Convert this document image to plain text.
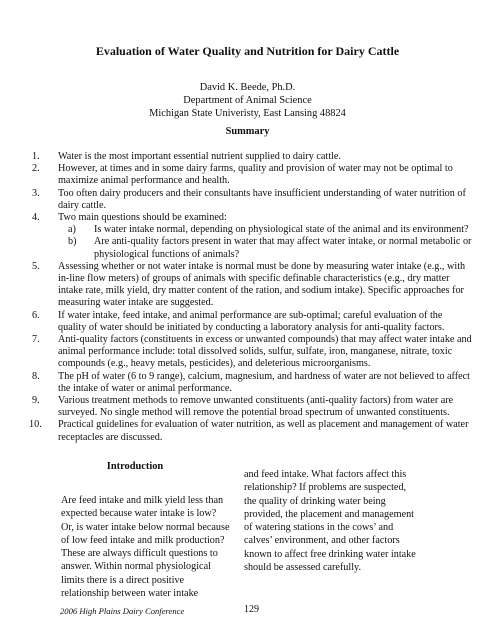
Evaluation of Water Quality and Nutrition for Dairy Cattle
David K. Beede, Ph.D.
Department of Animal Science
Michigan State Univeristy, East Lansing 48824
Summary
1. Water is the most important essential nutrient supplied to dairy cattle.
2. However, at times and in some dairy farms, quality and provision of water may not be optimal to maximize animal performance and health.
3. Too often dairy producers and their consultants have insufficient understanding of water nutrition of dairy cattle.
4. Two main questions should be examined:
a) Is water intake normal, depending on physiological state of the animal and its environment?
b) Are anti-quality factors present in water that may affect water intake, or normal metabolic or physiological functions of animals?
5. Assessing whether or not water intake is normal must be done by measuring water intake (e.g., with in-line flow meters) of groups of animals with specific definable characteristics (e.g., dry matter intake rate, milk yield, dry matter content of the ration, and sodium intake). Specific approaches for measuring water intake are suggested.
6. If water intake, feed intake, and animal performance are sub-optimal; careful evaluation of the quality of water should be initiated by conducting a laboratory analysis for anti-quality factors.
7. Anti-quality factors (constituents in excess or unwanted compounds) that may affect water intake and animal performance include: total dissolved solids, sulfur, sulfate, iron, manganese, nitrate, toxic compounds (e.g., heavy metals, pesticides), and deleterious microorganisms.
8. The pH of water (6 to 9 range), calcium, magnesium, and hardness of water are not believed to affect the intake of water or animal performance.
9. Various treatment methods to remove unwanted constituents (anti-quality factors) from water are surveyed. No single method will remove the potential broad spectrum of unwanted constituents.
10. Practical guidelines for evaluation of water nutrition, as well as placement and management of water receptacles are discussed.
Introduction
Are feed intake and milk yield less than expected because water intake is low? Or, is water intake below normal because of low feed intake and milk production? These are always difficult questions to answer. Within normal physiological limits there is a direct positive relationship between water intake
and feed intake. What factors affect this relationship? If problems are suspected, the quality of drinking water being provided, the placement and management of watering stations in the cows’ and calves’ environment, and other factors known to affect free drinking water intake should be assessed carefully.
2006 High Plains Dairy Conference	129
